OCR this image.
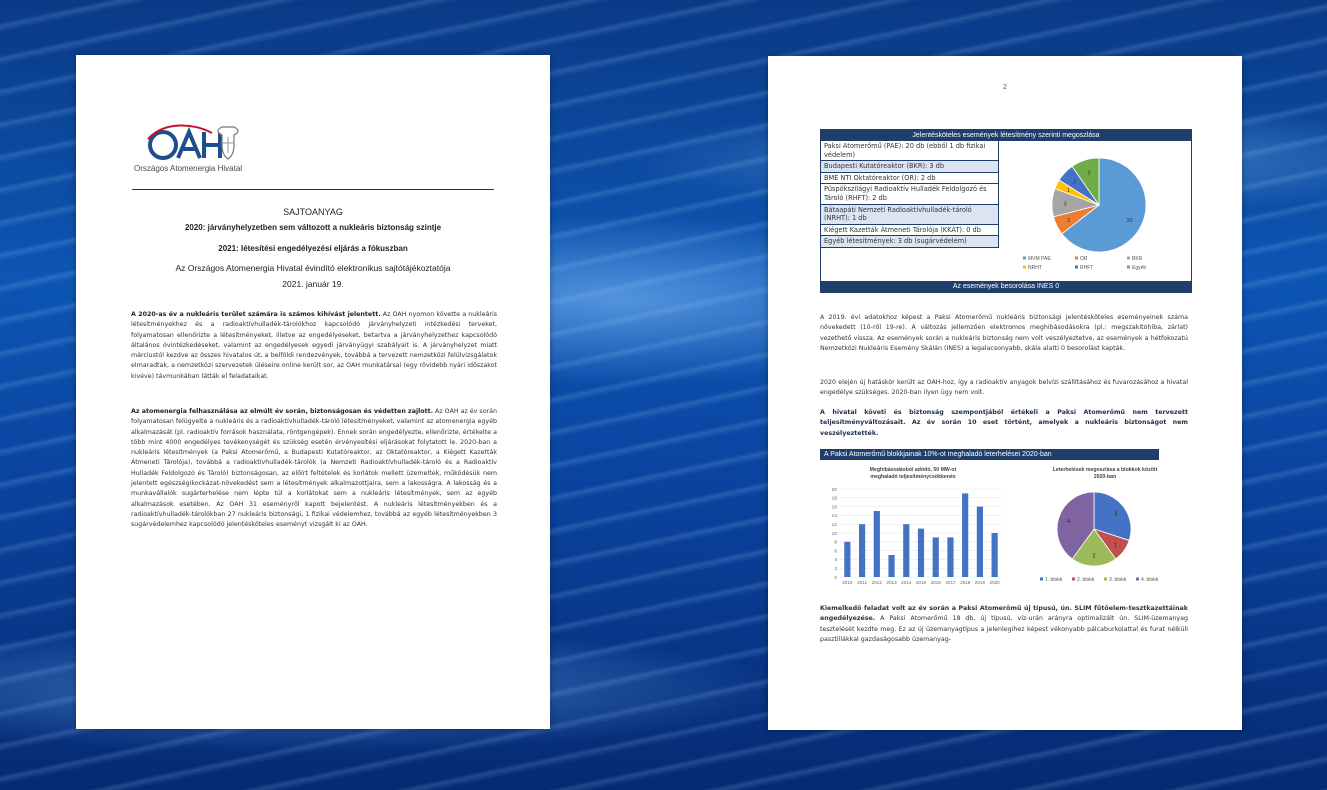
Országos Atomenergia Hivatal
SAJTOANYAG
2020: járványhelyzetben sem változott a nukleáris biztonság szintje
2021: létesítési engedélyezési eljárás a fókuszban
Az Országos Atomenergia Hivatal évindító elektronikus sajtótájékoztatója
2021. január 19.
A 2020-as év a nukleáris terület számára is számos kihívást jelentett. Az OAH nyomon követte a nukleáris létesítményekhez és a radioaktívhulladék-tárolókhoz kapcsolódó járványhelyzeti intézkedési terveket, folyamatosan ellenőrizte a létesítményeket, illetve az engedélyeseket, betartva a járványhelyzethez kapcsolódó általános óvintézkedéseket, valamint az engedélyesek egyedi járványügyi szabályait is. A járványhelyzet miatt márciustól kezdve az összes hivatalos út, a belföldi rendezvények, továbbá a tervezett nemzetközi felülvizsgálatok elmaradtak, a nemzetközi szervezetek üléseire online került sor, az OAH munkatársai (egy rövidebb nyári időszakot kivéve) távmunkában látták el feladataikat.
Az atomenergia felhasználása az elmúlt év során, biztonságosan és védetten zajlott. Az OAH az év során folyamatosan felügyelte a nukleáris és a radioaktívhulladék-tároló létesítményeket, valamint az atomenergia egyéb alkalmazását (pl. radioaktív források használata, röntgengépek). Ennek során engedélyezte, ellenőrizte, értékelte a több mint 4000 engedélyes tevékenységét és szükség esetén érvényesítési eljárásokat folytatott le. 2020-ban a nukleáris létesítmények (a Paksi Atomerőmű, a Budapesti Kutatóreaktor, az Oktatóreaktor, a Kiégett Kazetták Átmeneti Tárolója), továbbá a radioaktívhulladék-tárolók (a Nemzeti Radioaktívhulladék-tároló és a Radioaktív Hulladék Feldolgozó és Tároló) biztonságosan, az előírt feltételek és korlátok mellett üzemeltek, működésük nem jelentett egészségikockázat-növekedést sem a létesítmények alkalmazottjaira, sem a lakosságra. A lakosság és a munkavállalók sugárterhelése nem lépte túl a korlátokat sem a nukleáris létesítmények, sem az egyéb alkalmazások esetében. Az OAH 31 eseményről kapott bejelentést. A nukleáris létesítményekben és a radioaktívhulladék-tárolókban 27 nukleáris biztonsági, 1 fizikai védelemhez, továbbá az egyéb létesítményekben 3 sugárvédelemhez kapcsolódó jelentésköteles eseményt vizsgált ki az OAH.
2
Jelentésköteles események létesítmény szerinti megoszlása
Paksi Atomerőmű (PAE): 20 db (ebből 1 db fizikai védelem)
Budapesti Kutatóreaktor (BKR): 3 db
BME NTI Oktatóreaktor (OR): 2 db
Püspökszilágyi Radioaktív Hulladék Feldolgozó és Tároló (RHFT): 2 db
Bátaapáti Nemzeti Radioaktívhulladék-tároló (NRHT): 1 db
Kiégett Kazetták Átmeneti Tárolója (KKÁT): 0 db
Egyéb létesítmények: 3 db (sugárvédelem)
20
2
3
1
2
3
MVM PAE	OR	BKR
NRHT	RHFT	Egyéb
Az események besorolása INES 0
A 2019. évi adatokhoz képest a Paksi Atomerőmű nukleáris biztonsági jelentésköteles eseményeinek száma növekedett (10-ről 19-re). A változás jellemzően elektromos meghibásodásokra (pl.: megszakítóhiba, zárlat) vezethető vissza. Az események során a nukleáris biztonság nem volt veszélyeztetve, az események a hétfokozatú Nemzetközi Nukleáris Esemény Skálán (INES) a legalacsonyabb, skála alatti 0 besorolást kapták.
2020 elején új hatáskör került az OAH-hoz, így a radioaktív anyagok belvízi szállításához és fuvarozásához a hivatal engedélye szükséges. 2020-ban ilyen ügy nem volt.
A hivatal követi és biztonság szempontjából értékeli a Paksi Atomerőmű nem tervezett teljesítményváltozásait. Az év során 10 eset történt, amelyek a nukleáris biztonságot nem veszélyeztették.
A Paksi Atomerőmű blokkjainak 10%-ot meghaladó leterhelései 2020-ban
Meghibásodásból adódó, 50 MW-ot
meghaladó teljesítménycsökkenés
0
2
4
6
8
10
12
14
16
18
20
2010 2011 2012 2013 2014 2015 2016 2017 2018 2019 2020
Leterhelések megoszlása a blokkok között
2020-ban
3
1
2
4
1. blokk	2. blokk	3. blokk	4. blokk
Kiemelkedő feladat volt az év során a Paksi Atomerőmű új típusú, ún. SLIM fűtőelem-tesztkazettáinak engedélyezése. A Paksi Atomerőmű 18 db, új típusú, víz-urán arányra optimalizált ún. SLIM-üzemanyag tesztelését kezdte meg. Ez az új üzemanyagtípus a jelenlegihez képest vékonyabb pálcaburkolattal és furat nélküli pasztillákkal gazdaságosabb üzemanyag-
